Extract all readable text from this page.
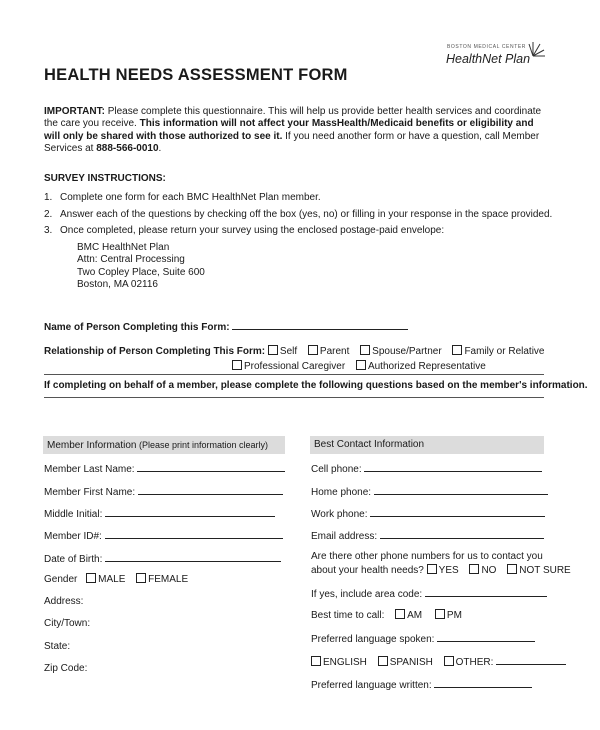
BOSTON MEDICAL CENTER
HealthNet Plan
HEALTH NEEDS ASSESSMENT FORM
IMPORTANT: Please complete this questionnaire. This will help us provide better health services and coordinate the care you receive. This information will not affect your MassHealth/Medicaid benefits or eligibility and will only be shared with those authorized to see it. If you need another form or have a question, call Member Services at 888-566-0010.
SURVEY INSTRUCTIONS:
1. Complete one form for each BMC HealthNet Plan member.
2. Answer each of the questions by checking off the box (yes, no) or filling in your response in the space provided.
3. Once completed, please return your survey using the enclosed postage-paid envelope:
BMC HealthNet Plan
Attn: Central Processing
Two Copley Place, Suite 600
Boston, MA 02116
Name of Person Completing this Form:
Relationship of Person Completing This Form: Self Parent Spouse/Partner Family or Relative
Professional Caregiver Authorized Representative
If completing on behalf of a member, please complete the following questions based on the member's information.
Member Information (Please print information clearly)
Member Last Name:
Member First Name:
Middle Initial:
Member ID#:
Date of Birth:
Gender MALE FEMALE
Address:
City/Town:
State:
Zip Code:
Best Contact Information
Cell phone:
Home phone:
Work phone:
Email address:
Are there other phone numbers for us to contact you
about your health needs? YES NO NOT SURE
If yes, include area code:
Best time to call: AM PM
Preferred language spoken:
ENGLISH SPANISH OTHER:
Preferred language written:
